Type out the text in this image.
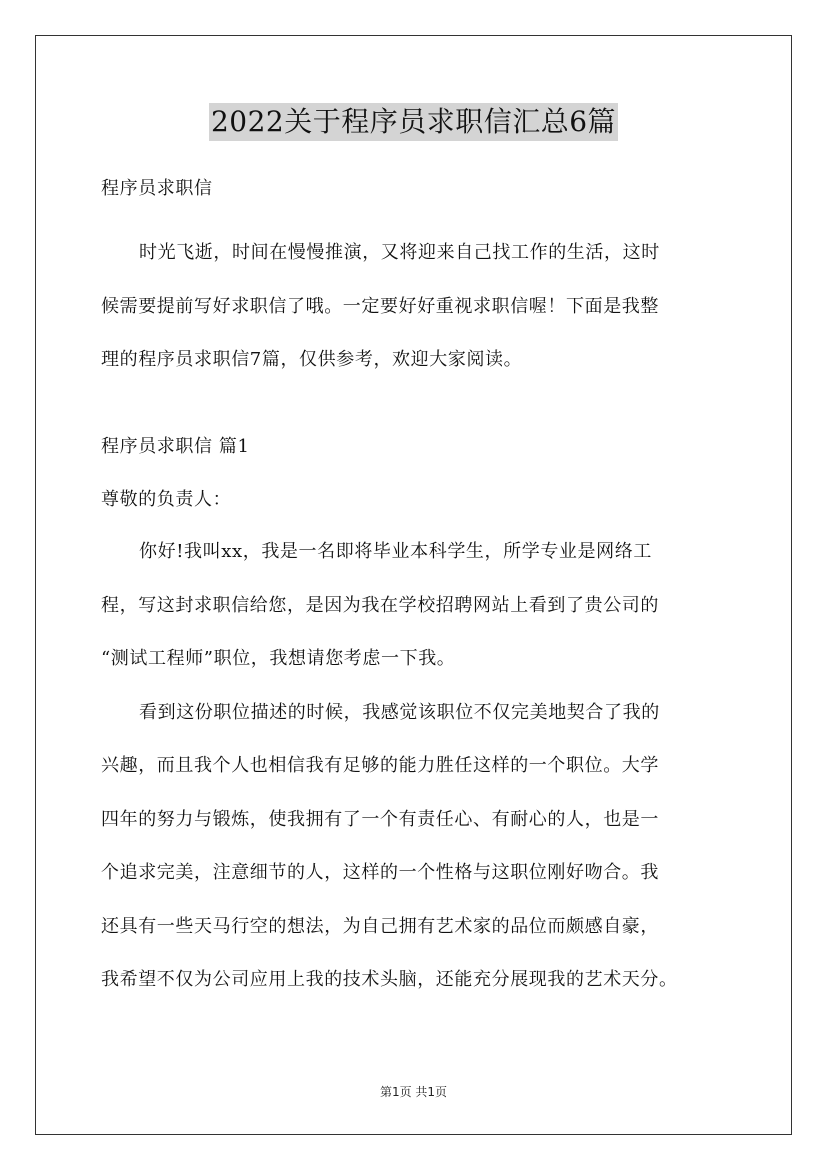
2022关于程序员求职信汇总6篇
程序员求职信
时光飞逝，时间在慢慢推演，又将迎来自己找工作的生活，这时
候需要提前写好求职信了哦。一定要好好重视求职信喔！下面是我整
理的程序员求职信7篇，仅供参考，欢迎大家阅读。
程序员求职信 篇1
尊敬的负责人：
你好!我叫xx，我是一名即将毕业本科学生，所学专业是网络工
程，写这封求职信给您，是因为我在学校招聘网站上看到了贵公司的
“测试工程师”职位，我想请您考虑一下我。
看到这份职位描述的时候，我感觉该职位不仅完美地契合了我的
兴趣，而且我个人也相信我有足够的能力胜任这样的一个职位。大学
四年的努力与锻炼，使我拥有了一个有责任心、有耐心的人，也是一
个追求完美，注意细节的人，这样的一个性格与这职位刚好吻合。我
还具有一些天马行空的想法，为自己拥有艺术家的品位而颇感自豪，
我希望不仅为公司应用上我的技术头脑，还能充分展现我的艺术天分。
第1页 共1页
